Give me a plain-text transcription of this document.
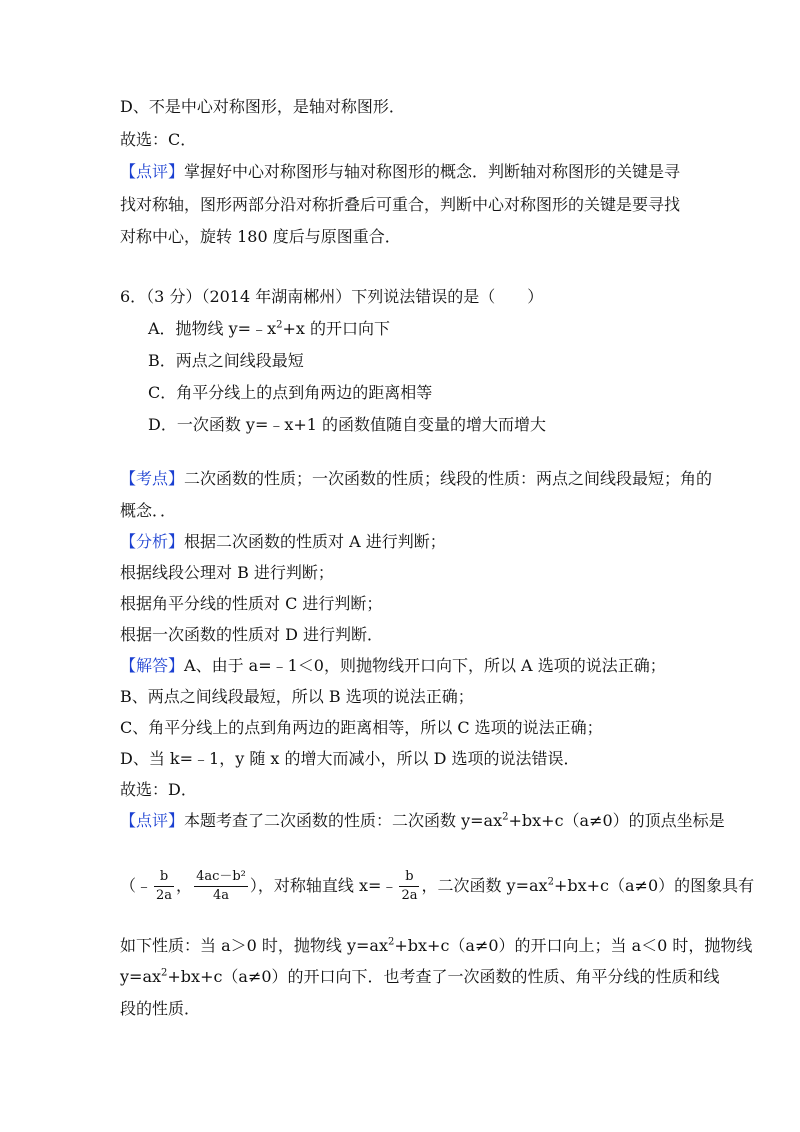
D、不是中心对称图形，是轴对称图形．
故选：C．
【点评】掌握好中心对称图形与轴对称图形的概念．判断轴对称图形的关键是寻
找对称轴，图形两部分沿对称折叠后可重合，判断中心对称图形的关键是要寻找
对称中心，旋转 180 度后与原图重合．
6．（3 分）（2014 年湖南郴州）下列说法错误的是（　　）
A．抛物线 $y=﹣x^2+x$ 的开口向下
B．两点之间线段最短
C．角平分线上的点到角两边的距离相等
D．一次函数 y=﹣x+1 的函数值随自变量的增大而增大
【考点】二次函数的性质；一次函数的性质；线段的性质：两点之间线段最短；角的
概念．．
【分析】根据二次函数的性质对 A 进行判断；
根据线段公理对 B 进行判断；
根据角平分线的性质对 C 进行判断；
根据一次函数的性质对 D 进行判断．
【解答】A、由于 a=﹣1＜0，则抛物线开口向下，所以 A 选项的说法正确；
B、两点之间线段最短，所以 B 选项的说法正确；
C、角平分线上的点到角两边的距离相等，所以 C 选项的说法正确；
D、当 k=﹣1，y 随 x 的增大而减小，所以 D 选项的说法错误．
故选：D．
【点评】本题考查了二次函数的性质：二次函数 $y=ax^2+bx+c(a\ne 0)$的顶点坐标是
（﹣ $\frac{b}{2a}$ ， $\frac{\text{4ac－b²}}{4a}$ ），对称轴直线 x=﹣ $\frac{b}{2a}$ ，二次函数 $y=ax^2+bx+c(a\ne 0)$的图象具有
如下性质：当 a＞0 时，抛物线 $y=ax^2+bx+c(a\ne 0)$的开口向上；当 a＜0 时，抛物线
$y=ax^2+bx+c(a\ne 0)$的开口向下．也考查了一次函数的性质、角平分线的性质和线
段的性质．
